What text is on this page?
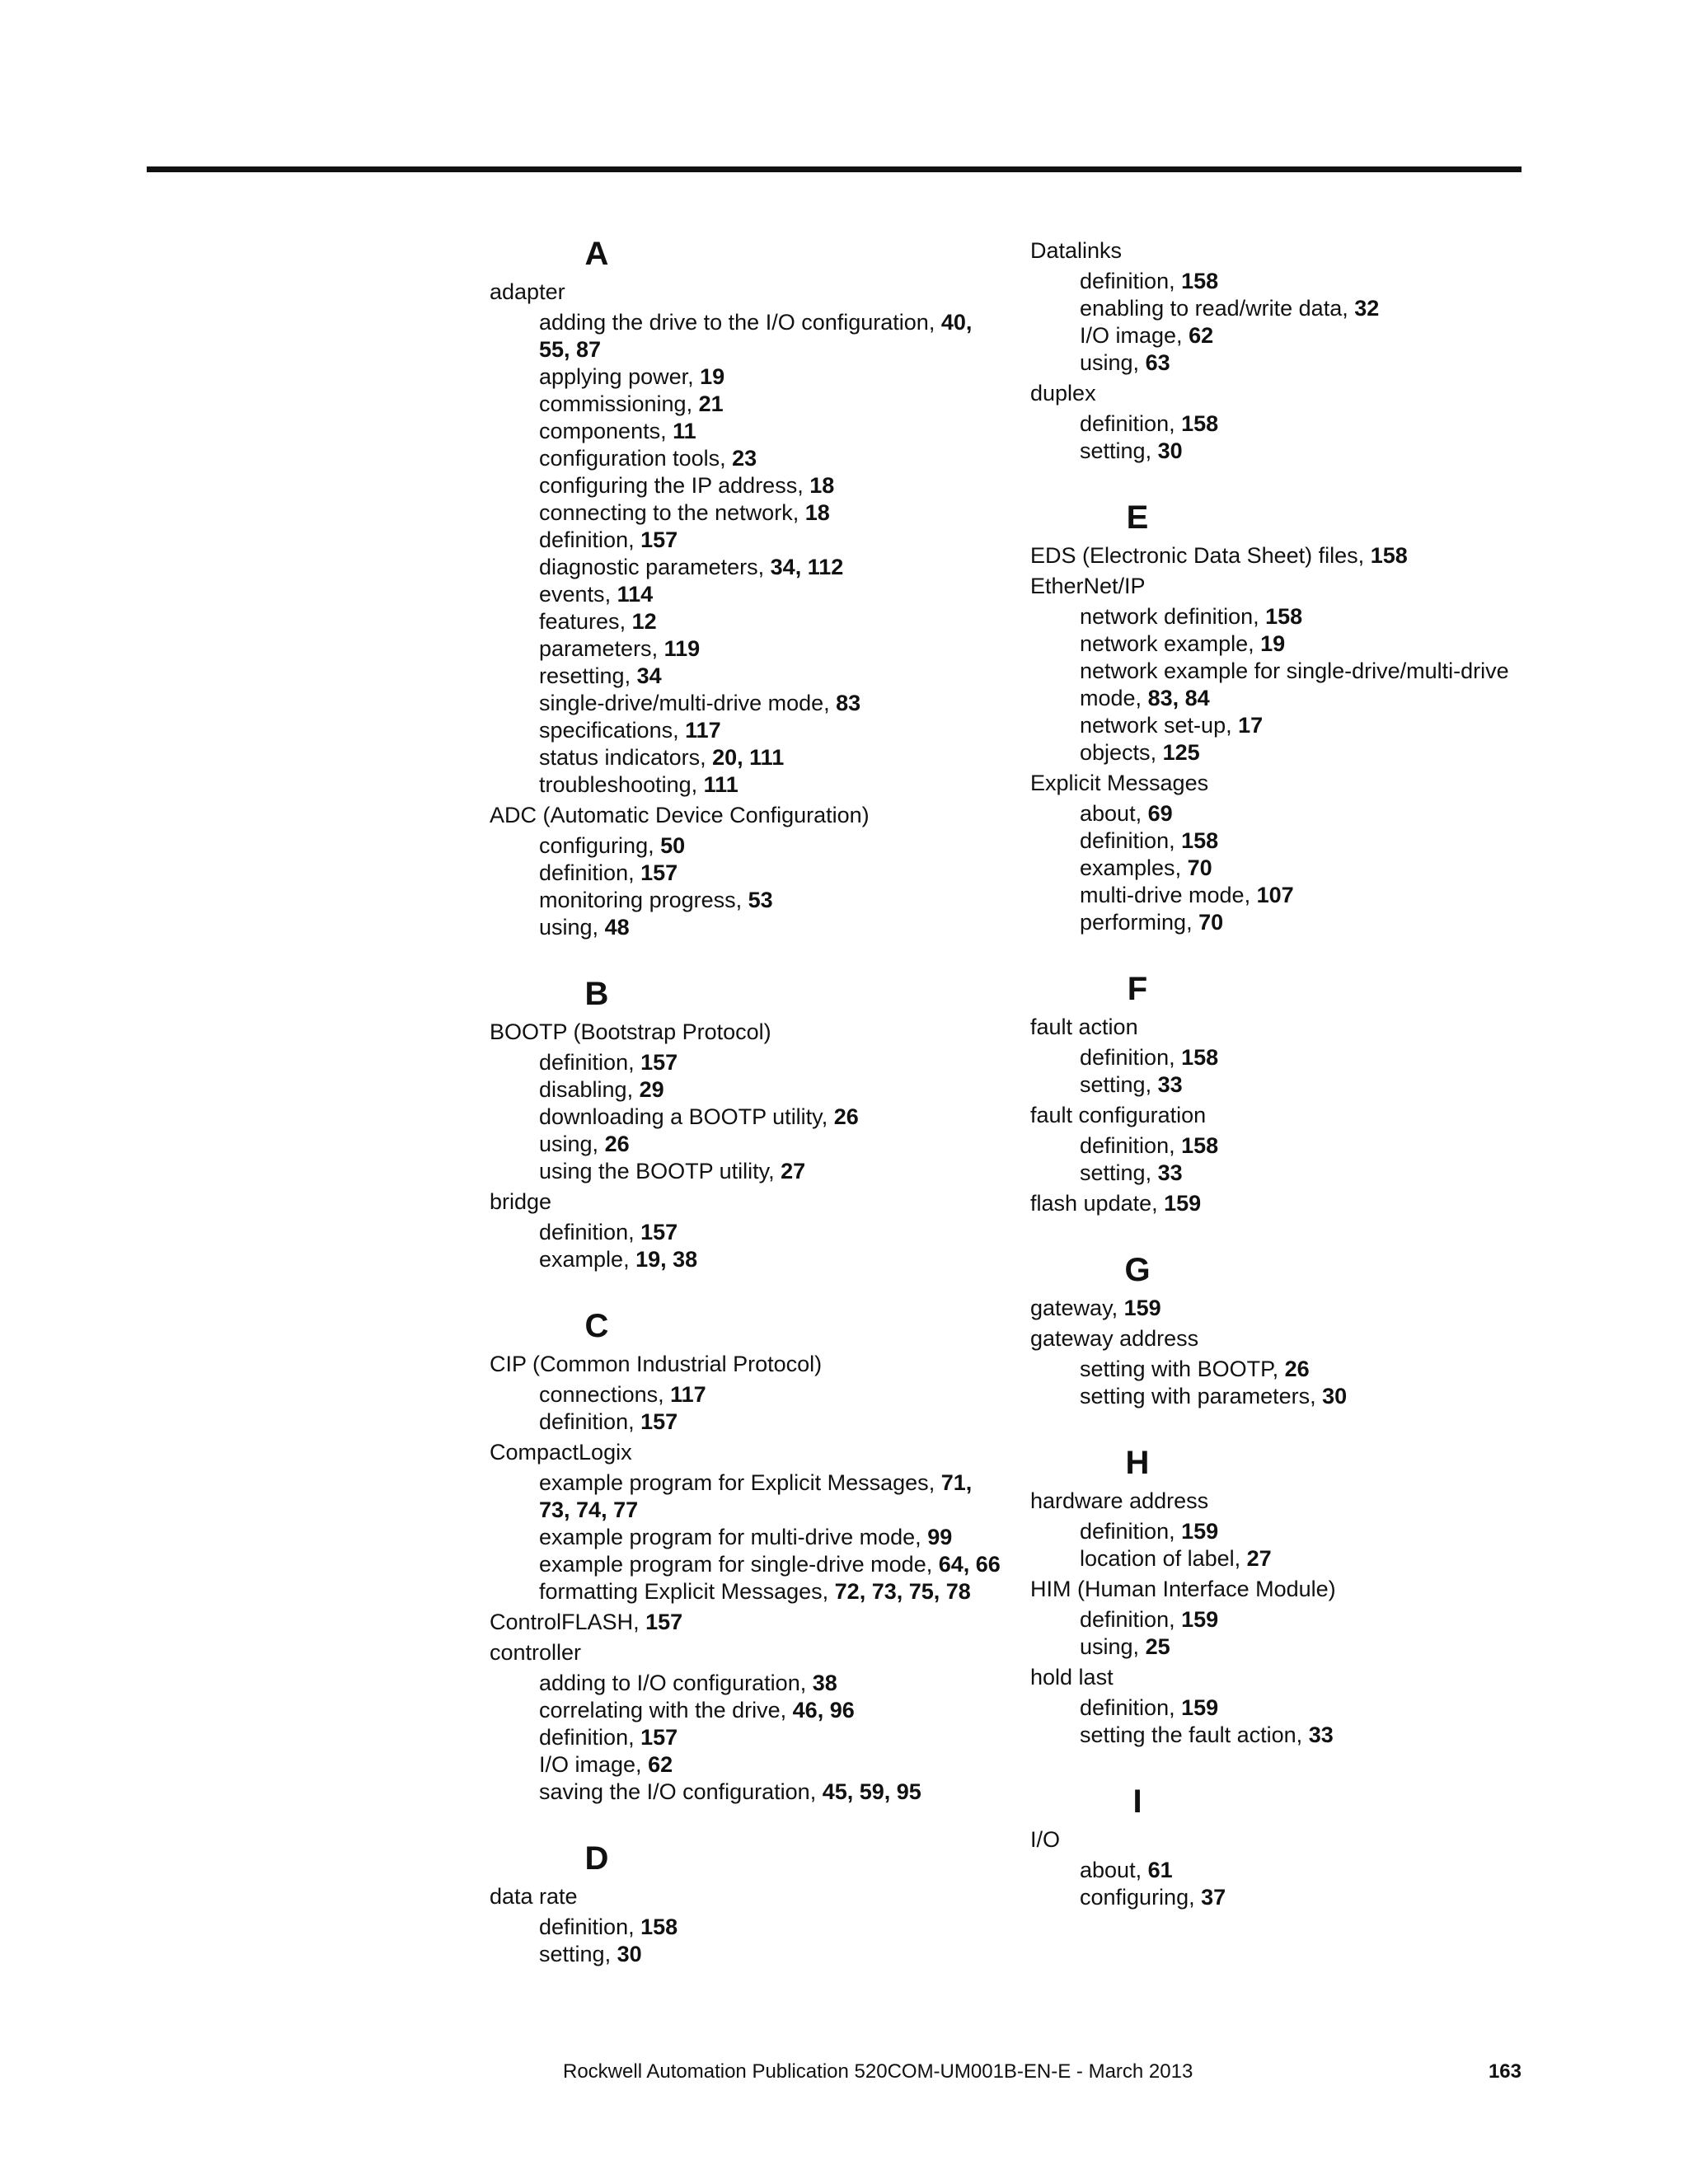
A
adapter
adding the drive to the I/O configuration, 40, 55, 87
applying power, 19
commissioning, 21
components, 11
configuration tools, 23
configuring the IP address, 18
connecting to the network, 18
definition, 157
diagnostic parameters, 34, 112
events, 114
features, 12
parameters, 119
resetting, 34
single-drive/multi-drive mode, 83
specifications, 117
status indicators, 20, 111
troubleshooting, 111
ADC (Automatic Device Configuration)
configuring, 50
definition, 157
monitoring progress, 53
using, 48
B
BOOTP (Bootstrap Protocol)
definition, 157
disabling, 29
downloading a BOOTP utility, 26
using, 26
using the BOOTP utility, 27
bridge
definition, 157
example, 19, 38
C
CIP (Common Industrial Protocol)
connections, 117
definition, 157
CompactLogix
example program for Explicit Messages, 71, 73, 74, 77
example program for multi-drive mode, 99
example program for single-drive mode, 64, 66
formatting Explicit Messages, 72, 73, 75, 78
ControlFLASH, 157
controller
adding to I/O configuration, 38
correlating with the drive, 46, 96
definition, 157
I/O image, 62
saving the I/O configuration, 45, 59, 95
D
data rate
definition, 158
setting, 30
Datalinks
definition, 158
enabling to read/write data, 32
I/O image, 62
using, 63
duplex
definition, 158
setting, 30
E
EDS (Electronic Data Sheet) files, 158
EtherNet/IP
network definition, 158
network example, 19
network example for single-drive/multi-drive mode, 83, 84
network set-up, 17
objects, 125
Explicit Messages
about, 69
definition, 158
examples, 70
multi-drive mode, 107
performing, 70
F
fault action
definition, 158
setting, 33
fault configuration
definition, 158
setting, 33
flash update, 159
G
gateway, 159
gateway address
setting with BOOTP, 26
setting with parameters, 30
H
hardware address
definition, 159
location of label, 27
HIM (Human Interface Module)
definition, 159
using, 25
hold last
definition, 159
setting the fault action, 33
I
I/O
about, 61
configuring, 37
Rockwell Automation Publication 520COM-UM001B-EN-E - March 2013	163
